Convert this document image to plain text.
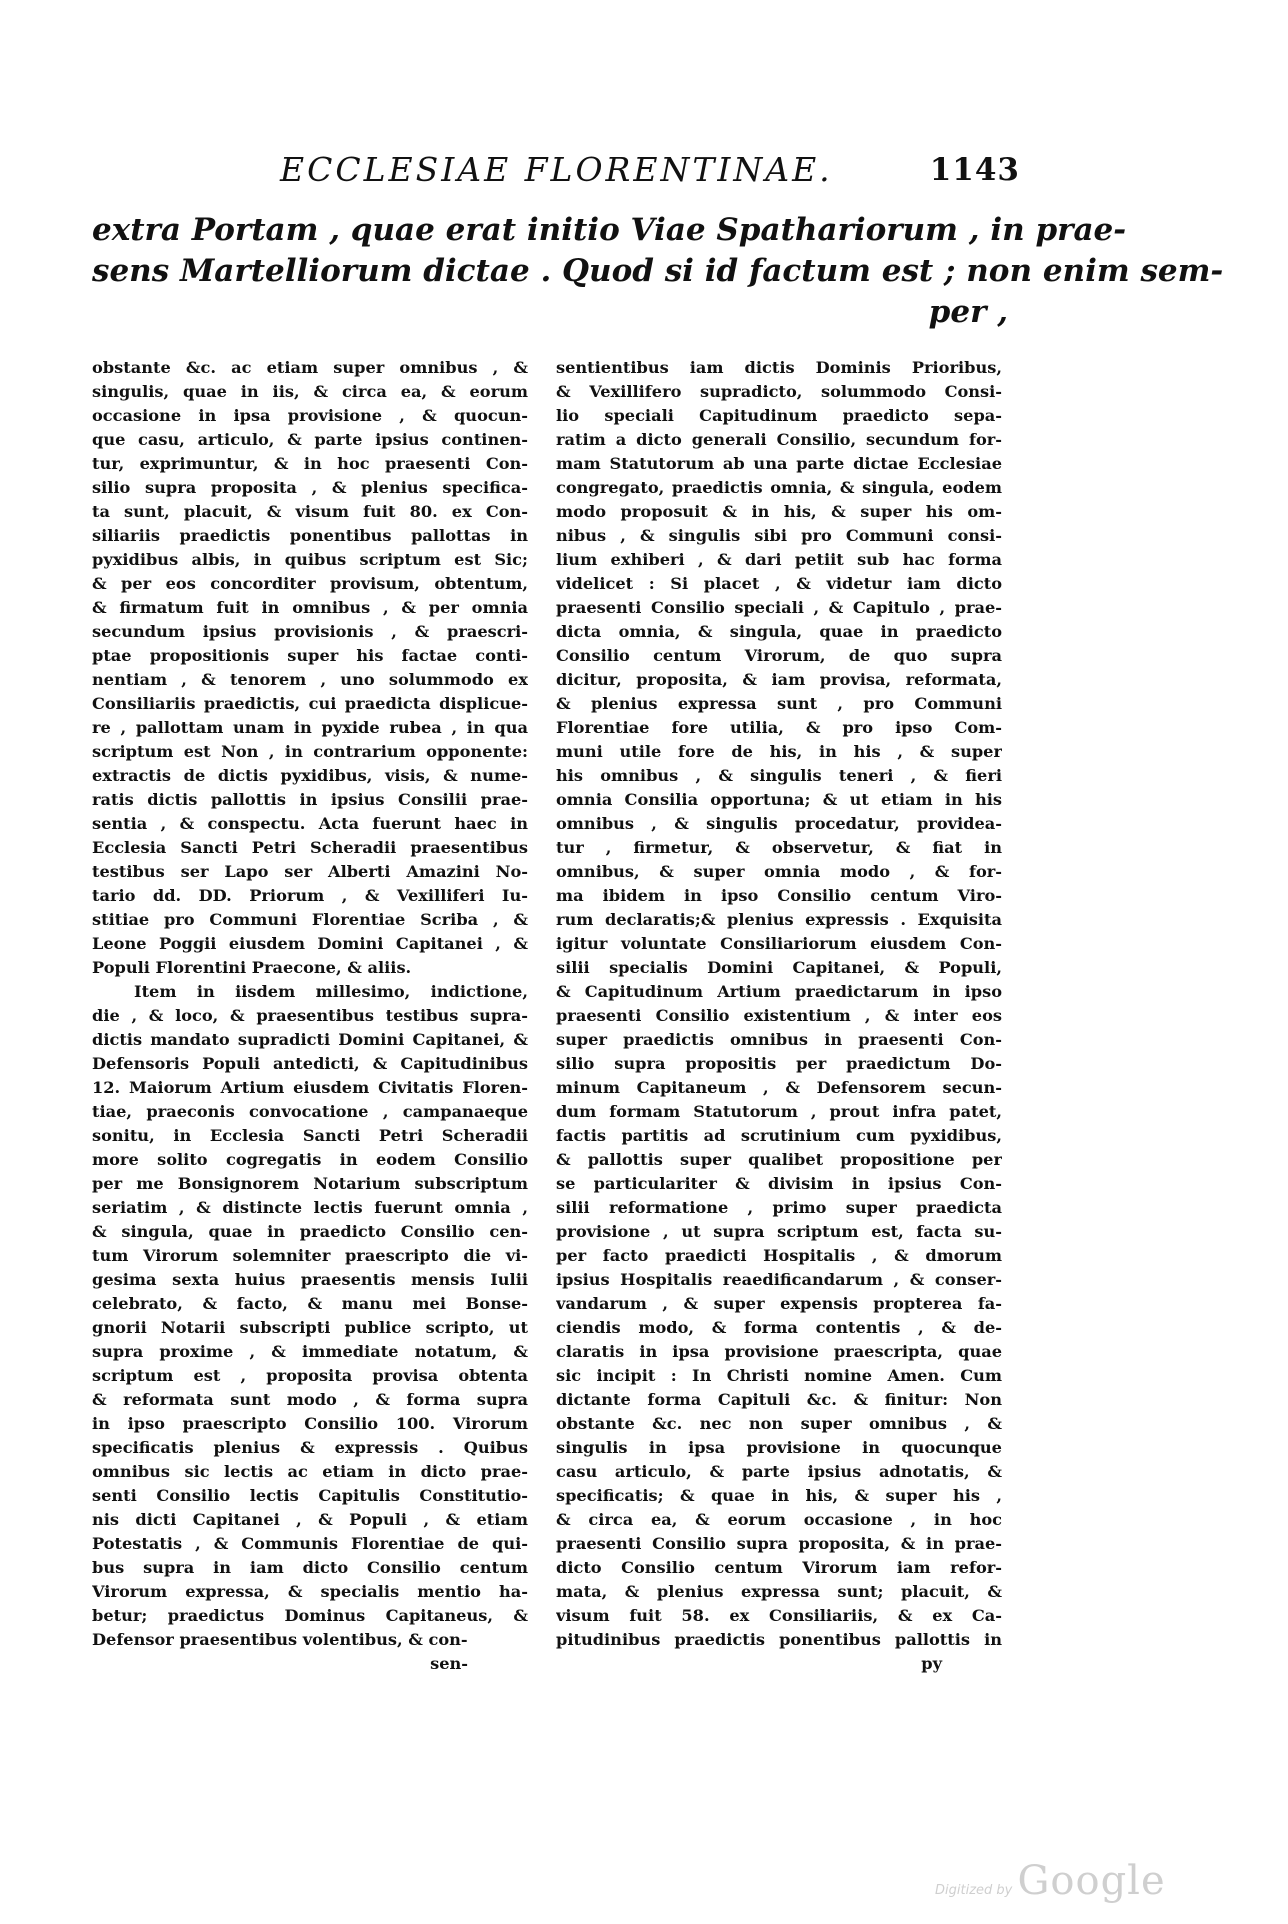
ECCLESIAE FLORENTINAE.	1143
extra Portam , quae erat initio Viae Spathariorum , in prae-
sens Martelliorum dictae . Quod si id factum est ; non enim sem-
per ,
obstante &c. ac etiam super omnibus , &
singulis, quae in iis, & circa ea, & eorum
occasione in ipsa provisione , & quocun-
que casu, articulo, & parte ipsius continen-
tur, exprimuntur, & in hoc praesenti Con-
silio supra proposita , & plenius specifica-
ta sunt, placuit, & visum fuit 80. ex Con-
siliariis praedictis ponentibus pallottas in
pyxidibus albis, in quibus scriptum est Sic;
& per eos concorditer provisum, obtentum,
& firmatum fuit in omnibus , & per omnia
secundum ipsius provisionis , & praescri-
ptae propositionis super his factae conti-
nentiam , & tenorem , uno solummodo ex
Consiliariis praedictis, cui praedicta displicue-
re , pallottam unam in pyxide rubea , in qua
scriptum est Non , in contrarium opponente:
extractis de dictis pyxidibus, visis, & nume-
ratis dictis pallottis in ipsius Consilii prae-
sentia , & conspectu. Acta fuerunt haec in
Ecclesia Sancti Petri Scheradii praesentibus
testibus ser Lapo ser Alberti Amazini No-
tario dd. DD. Priorum , & Vexilliferi Iu-
stitiae pro Communi Florentiae Scriba , &
Leone Poggii eiusdem Domini Capitanei , &
Populi Florentini Praecone, & aliis.
Item in iisdem millesimo, indictione,
die , & loco, & praesentibus testibus supra-
dictis mandato supradicti Domini Capitanei, &
Defensoris Populi antedicti, & Capitudinibus
12. Maiorum Artium eiusdem Civitatis Floren-
tiae, praeconis convocatione , campanaeque
sonitu, in Ecclesia Sancti Petri Scheradii
more solito cogregatis in eodem Consilio
per me Bonsignorem Notarium subscriptum
seriatim , & distincte lectis fuerunt omnia ,
& singula, quae in praedicto Consilio cen-
tum Virorum solemniter praescripto die vi-
gesima sexta huius praesentis mensis Iulii
celebrato, & facto, & manu mei Bonse-
gnorii Notarii subscripti publice scripto, ut
supra proxime , & immediate notatum, &
scriptum est , proposita provisa obtenta
& reformata sunt modo , & forma supra
in ipso praescripto Consilio 100. Virorum
specificatis plenius & expressis . Quibus
omnibus sic lectis ac etiam in dicto prae-
senti Consilio lectis Capitulis Constitutio-
nis dicti Capitanei , & Populi , & etiam
Potestatis , & Communis Florentiae de qui-
bus supra in iam dicto Consilio centum
Virorum expressa, & specialis mentio ha-
betur; praedictus Dominus Capitaneus, &
Defensor praesentibus volentibus, & con-
sen-
sentientibus iam dictis Dominis Prioribus,
& Vexillifero supradicto, solummodo Consi-
lio speciali Capitudinum praedicto sepa-
ratim a dicto generali Consilio, secundum for-
mam Statutorum ab una parte dictae Ecclesiae
congregato, praedictis omnia, & singula, eodem
modo proposuit & in his, & super his om-
nibus , & singulis sibi pro Communi consi-
lium exhiberi , & dari petiit sub hac forma
videlicet : Si placet , & videtur iam dicto
praesenti Consilio speciali , & Capitulo , prae-
dicta omnia, & singula, quae in praedicto
Consilio centum Virorum, de quo supra
dicitur, proposita, & iam provisa, reformata,
& plenius expressa sunt , pro Communi
Florentiae fore utilia, & pro ipso Com-
muni utile fore de his, in his , & super
his omnibus , & singulis teneri , & fieri
omnia Consilia opportuna; & ut etiam in his
omnibus , & singulis procedatur, providea-
tur , firmetur, & observetur, & fiat in
omnibus, & super omnia modo , & for-
ma ibidem in ipso Consilio centum Viro-
rum declaratis;& plenius expressis . Exquisita
igitur voluntate Consiliariorum eiusdem Con-
silii specialis Domini Capitanei, & Populi,
& Capitudinum Artium praedictarum in ipso
praesenti Consilio existentium , & inter eos
super praedictis omnibus in praesenti Con-
silio supra propositis per praedictum Do-
minum Capitaneum , & Defensorem secun-
dum formam Statutorum , prout infra patet,
factis partitis ad scrutinium cum pyxidibus,
& pallottis super qualibet propositione per
se particulariter & divisim in ipsius Con-
silii reformatione , primo super praedicta
provisione , ut supra scriptum est, facta su-
per facto praedicti Hospitalis , & dmorum
ipsius Hospitalis reaedificandarum , & conser-
vandarum , & super expensis propterea fa-
ciendis modo, & forma contentis , & de-
claratis in ipsa provisione praescripta, quae
sic incipit : In Christi nomine Amen. Cum
dictante forma Capituli &c. & finitur: Non
obstante &c. nec non super omnibus , &
singulis in ipsa provisione in quocunque
casu articulo, & parte ipsius adnotatis, &
specificatis; & quae in his, & super his ,
& circa ea, & eorum occasione , in hoc
praesenti Consilio supra proposita, & in prae-
dicto Consilio centum Virorum iam refor-
mata, & plenius expressa sunt; placuit, &
visum fuit 58. ex Consiliariis, & ex Ca-
pitudinibus praedictis ponentibus pallottis in
py
Digitized by Google
